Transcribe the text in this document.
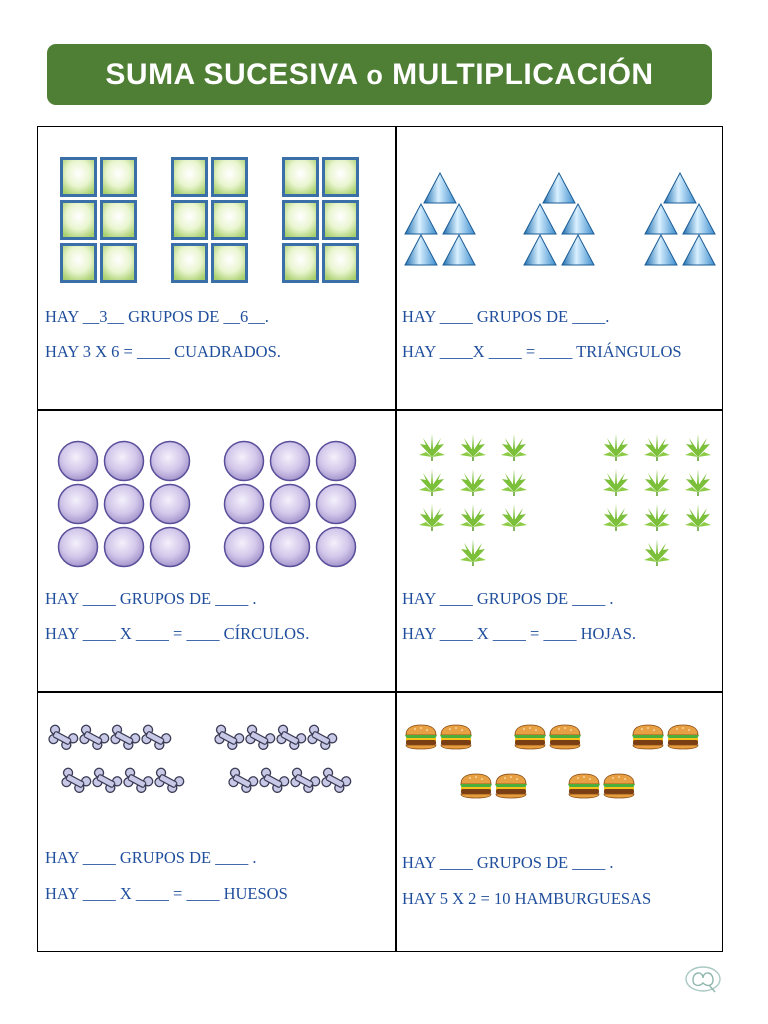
SUMA SUCESIVA o MULTIPLICACIÓN
HAY __3__ GRUPOS DE __6__.
HAY 3 X 6 = ____ CUADRADOS.
HAY ____ GRUPOS DE ____.
HAY ____X ____ = ____ TRIÁNGULOS
HAY ____ GRUPOS DE ____ .
HAY ____ X ____ = ____ CÍRCULOS.
HAY ____ GRUPOS DE ____ .
HAY ____ X ____ = ____ HOJAS.
HAY ____ GRUPOS DE ____ .
HAY ____ X ____ = ____ HUESOS
HAY ____ GRUPOS DE ____ .
HAY 5 X 2 = 10 HAMBURGUESAS
